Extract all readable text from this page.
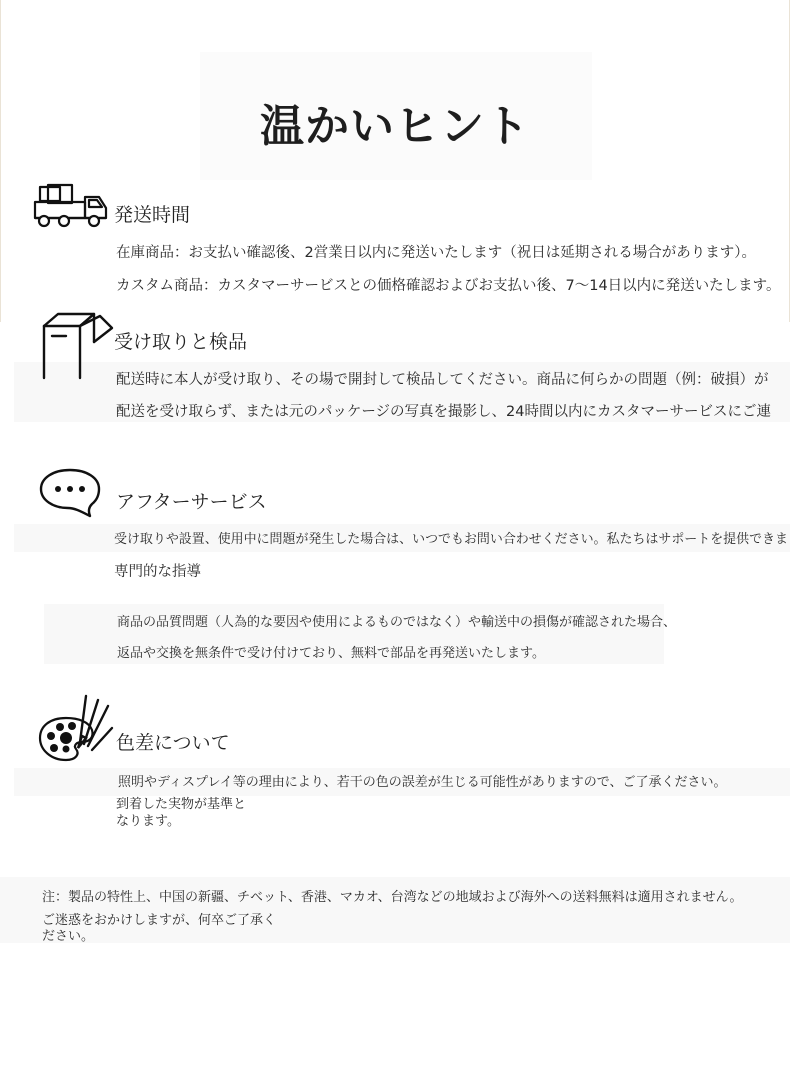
温かいヒント
発送時間
在庫商品：お支払い確認後、2営業日以内に発送いたします（祝日は延期される場合があります）。
カスタム商品：カスタマーサービスとの価格確認およびお支払い後、7〜14日以内に発送いたします。
受け取りと検品
配送時に本人が受け取り、その場で開封して検品してください。商品に何らかの問題（例：破損）が
配送を受け取らず、または元のパッケージの写真を撮影し、24時間以内にカスタマーサービスにご連
アフターサービス
受け取りや設置、使用中に問題が発生した場合は、いつでもお問い合わせください。私たちはサポートを提供できま
専門的な指導
商品の品質問題（人為的な要因や使用によるものではなく）や輸送中の損傷が確認された場合、
返品や交換を無条件で受け付けており、無料で部品を再発送いたします。
色差について
照明やディスプレイ等の理由により、若干の色の誤差が生じる可能性がありますので、ご了承ください。
到着した実物が基準と
なります。
注：製品の特性上、中国の新疆、チベット、香港、マカオ、台湾などの地域および海外への送料無料は適用されません。
ご迷惑をおかけしますが、何卒ご了承く
ださい。
